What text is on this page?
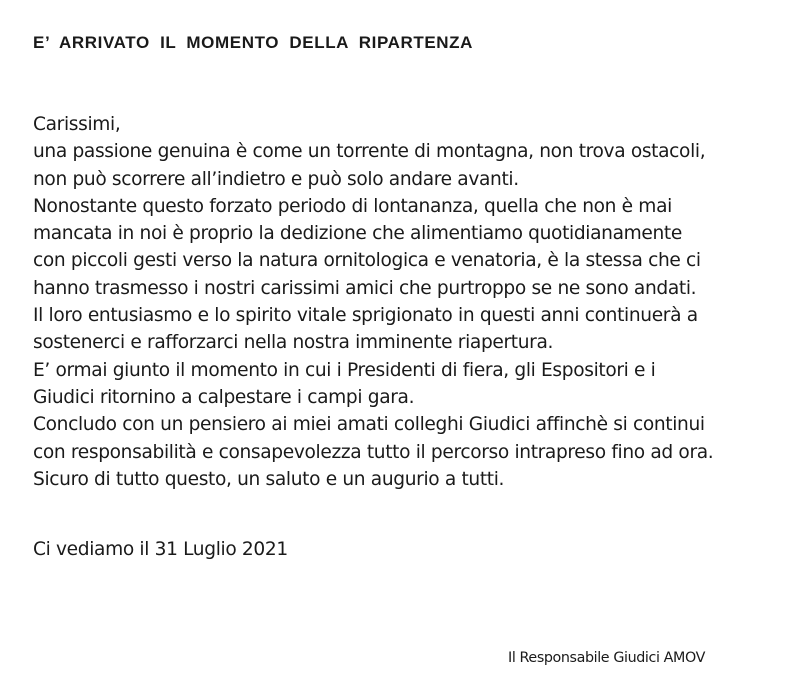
E’ ARRIVATO IL MOMENTO DELLA RIPARTENZA
Carissimi,
una passione genuina è come un torrente di montagna, non trova ostacoli,
non può scorrere all’indietro e può solo andare avanti.
Nonostante questo forzato periodo di lontananza, quella che non è mai
mancata in noi è proprio la dedizione che alimentiamo quotidianamente
con piccoli gesti verso la natura ornitologica e venatoria, è la stessa che ci
hanno trasmesso i nostri carissimi amici che purtroppo se ne sono andati.
Il loro entusiasmo e lo spirito vitale sprigionato in questi anni continuerà a
sostenerci e rafforzarci nella nostra imminente riapertura.
E’ ormai giunto il momento in cui i Presidenti di fiera, gli Espositori e i
Giudici ritornino a calpestare i campi gara.
Concludo con un pensiero ai miei amati colleghi Giudici affinchè si continui
con responsabilità e consapevolezza tutto il percorso intrapreso fino ad ora.
Sicuro di tutto questo, un saluto e un augurio a tutti.

Ci vediamo il 31 Luglio 2021

Il Responsabile Giudici AMOV
